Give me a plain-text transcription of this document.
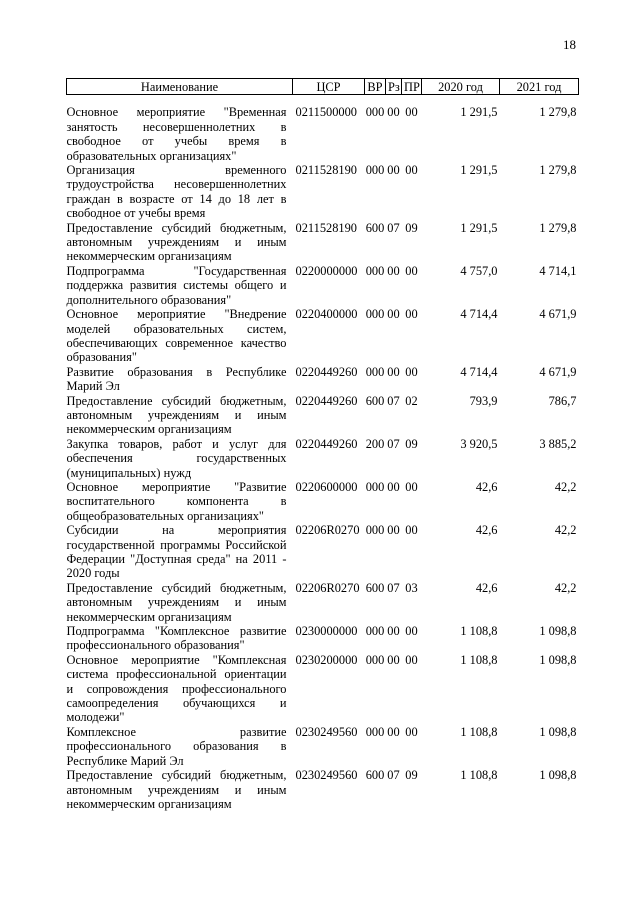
18
Наименование	ЦСР	ВР	Рз	ПР	2020 год	2021 год

Основное мероприятие "Временная занятость несовершеннолетних в свободное от учебы время в образовательных организациях"	0211500000	000	00	00	1 291,5	1 279,8
Организация временного трудоустройства несовершеннолетних граждан в возрасте от 14 до 18 лет в свободное от учебы время	0211528190	000	00	00	1 291,5	1 279,8
Предоставление субсидий бюджетным, автономным учреждениям и иным некоммерческим организациям	0211528190	600	07	09	1 291,5	1 279,8
Подпрограмма "Государственная поддержка развития системы общего и дополнительного образования"	0220000000	000	00	00	4 757,0	4 714,1
Основное мероприятие "Внедрение моделей образовательных систем, обеспечивающих современное качество образования"	0220400000	000	00	00	4 714,4	4 671,9
Развитие образования в Республике Марий Эл	0220449260	000	00	00	4 714,4	4 671,9
Предоставление субсидий бюджетным, автономным учреждениям и иным некоммерческим организациям	0220449260	600	07	02	793,9	786,7
Закупка товаров, работ и услуг для обеспечения государственных (муниципальных) нужд	0220449260	200	07	09	3 920,5	3 885,2
Основное мероприятие "Развитие воспитательного компонента в общеобразовательных организациях"	0220600000	000	00	00	42,6	42,2
Субсидии на мероприятия государственной программы Российской Федерации "Доступная среда" на 2011 - 2020 годы	02206R0270	000	00	00	42,6	42,2
Предоставление субсидий бюджетным, автономным учреждениям и иным некоммерческим организациям	02206R0270	600	07	03	42,6	42,2
Подпрограмма "Комплексное развитие профессионального образования"	0230000000	000	00	00	1 108,8	1 098,8
Основное мероприятие "Комплексная система профессиональной ориентации и сопровождения профессионального самоопределения обучающихся и молодежи"	0230200000	000	00	00	1 108,8	1 098,8
Комплексное развитие профессионального образования в Республике Марий Эл	0230249560	000	00	00	1 108,8	1 098,8
Предоставление субсидий бюджетным, автономным учреждениям и иным некоммерческим организациям	0230249560	600	07	09	1 108,8	1 098,8
